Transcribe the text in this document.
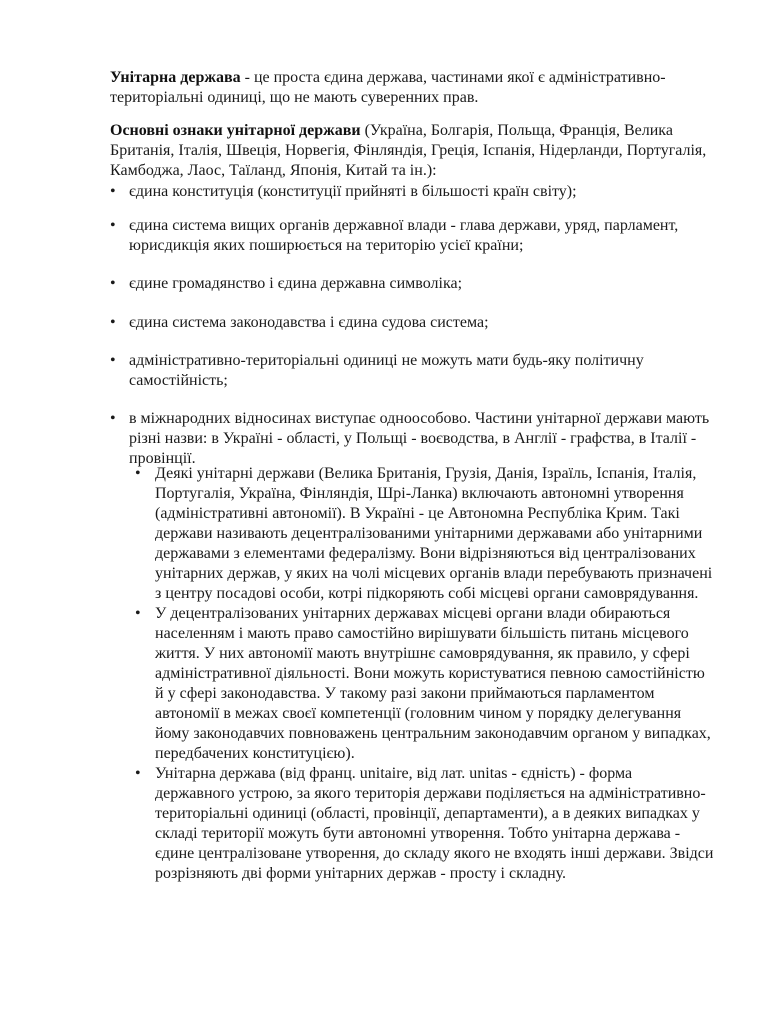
Унітарна держава - це проста єдина держава, частинами якої є адміністративно-територіальні одиниці, що не мають суверенних прав.

Основні ознаки унітарної держави (Україна, Болгарія, Польща, Франція, Велика Британія, Італія, Швеція, Норвегія, Фінляндія, Греція, Іспанія, Нідерланди, Португалія, Камбоджа, Лаос, Таїланд, Японія, Китай та ін.):

• єдина конституція (конституції прийняті в більшості країн світу);
• єдина система вищих органів державної влади - глава держави, уряд, парламент, юрисдикція яких поширюється на територію усієї країни;
• єдине громадянство і єдина державна символіка;
• єдина система законодавства і єдина судова система;
• адміністративно-територіальні одиниці не можуть мати будь-яку політичну самостійність;
• в міжнародних відносинах виступає одноособово. Частини унітарної держави мають різні назви: в Україні - області, у Польщі - воєводства, в Англії - графства, в Італії - провінції.
• Деякі унітарні держави (Велика Британія, Грузія, Данія, Ізраїль, Іспанія, Італія, Португалія, Україна, Фінляндія, Шрі-Ланка) включають автономні утворення (адміністративні автономії). В Україні - це Автономна Республіка Крим. Такі держави називають децентралізованими унітарними державами або унітарними державами з елементами федералізму. Вони відрізняються від централізованих унітарних держав, у яких на чолі місцевих органів влади перебувають призначені з центру посадові особи, котрі підкоряють собі місцеві органи самоврядування.
• У децентралізованих унітарних державах місцеві органи влади обираються населенням і мають право самостійно вирішувати більшість питань місцевого життя. У них автономії мають внутрішнє самоврядування, як правило, у сфері адміністративної діяльності. Вони можуть користуватися певною самостійністю й у сфері законодавства. У такому разі закони приймаються парламентом автономії в межах своєї компетенції (головним чином у порядку делегування йому законодавчих повноважень центральним законодавчим органом у випадках, передбачених конституцією).
• Унітарна держава (від франц. unitaire, від лат. unitas - єдність) - форма державного устрою, за якого територія держави поділяється на адміністративно-територіальні одиниці (області, провінції, департаменти), а в деяких випадках у складі території можуть бути автономні утворення. Тобто унітарна держава - єдине централізоване утворення, до складу якого не входять інші держави. Звідси розрізняють дві форми унітарних держав - просту і складну.
